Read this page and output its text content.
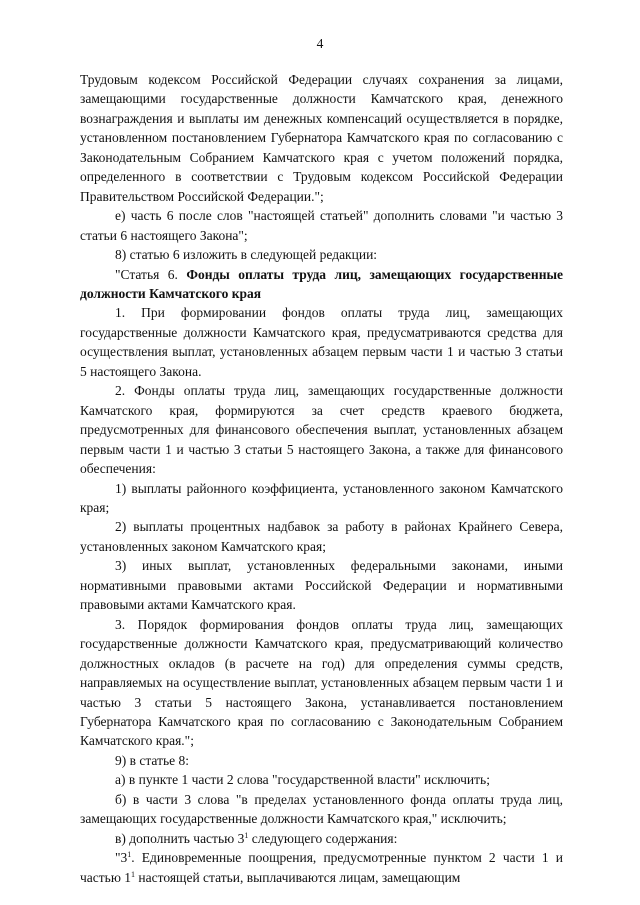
4

Трудовым кодексом Российской Федерации случаях сохранения за лицами, замещающими государственные должности Камчатского края, денежного вознаграждения и выплаты им денежных компенсаций осуществляется в порядке, установленном постановлением Губернатора Камчатского края по согласованию с Законодательным Собранием Камчатского края с учетом положений порядка, определенного в соответствии с Трудовым кодексом Российской Федерации Правительством Российской Федерации.";

е) часть 6 после слов "настоящей статьей" дополнить словами "и частью 3 статьи 6 настоящего Закона";

8) статью 6 изложить в следующей редакции:

"Статья 6. Фонды оплаты труда лиц, замещающих государственные должности Камчатского края

1. При формировании фондов оплаты труда лиц, замещающих государственные должности Камчатского края, предусматриваются средства для осуществления выплат, установленных абзацем первым части 1 и частью 3 статьи 5 настоящего Закона.

2. Фонды оплаты труда лиц, замещающих государственные должности Камчатского края, формируются за счет средств краевого бюджета, предусмотренных для финансового обеспечения выплат, установленных абзацем первым части 1 и частью 3 статьи 5 настоящего Закона, а также для финансового обеспечения:

1) выплаты районного коэффициента, установленного законом Камчатского края;

2) выплаты процентных надбавок за работу в районах Крайнего Севера, установленных законом Камчатского края;

3) иных выплат, установленных федеральными законами, иными нормативными правовыми актами Российской Федерации и нормативными правовыми актами Камчатского края.

3. Порядок формирования фондов оплаты труда лиц, замещающих государственные должности Камчатского края, предусматривающий количество должностных окладов (в расчете на год) для определения суммы средств, направляемых на осуществление выплат, установленных абзацем первым части 1 и частью 3 статьи 5 настоящего Закона, устанавливается постановлением Губернатора Камчатского края по согласованию с Законодательным Собранием Камчатского края.";

9) в статье 8:

а) в пункте 1 части 2 слова "государственной власти" исключить;

б) в части 3 слова "в пределах установленного фонда оплаты труда лиц, замещающих государственные должности Камчатского края," исключить;

в) дополнить частью $3^1$ следующего содержания:

"$3^1$. Единовременные поощрения, предусмотренные пунктом 2 части 1 и частью $1^1$ настоящей статьи, выплачиваются лицам, замещающим
